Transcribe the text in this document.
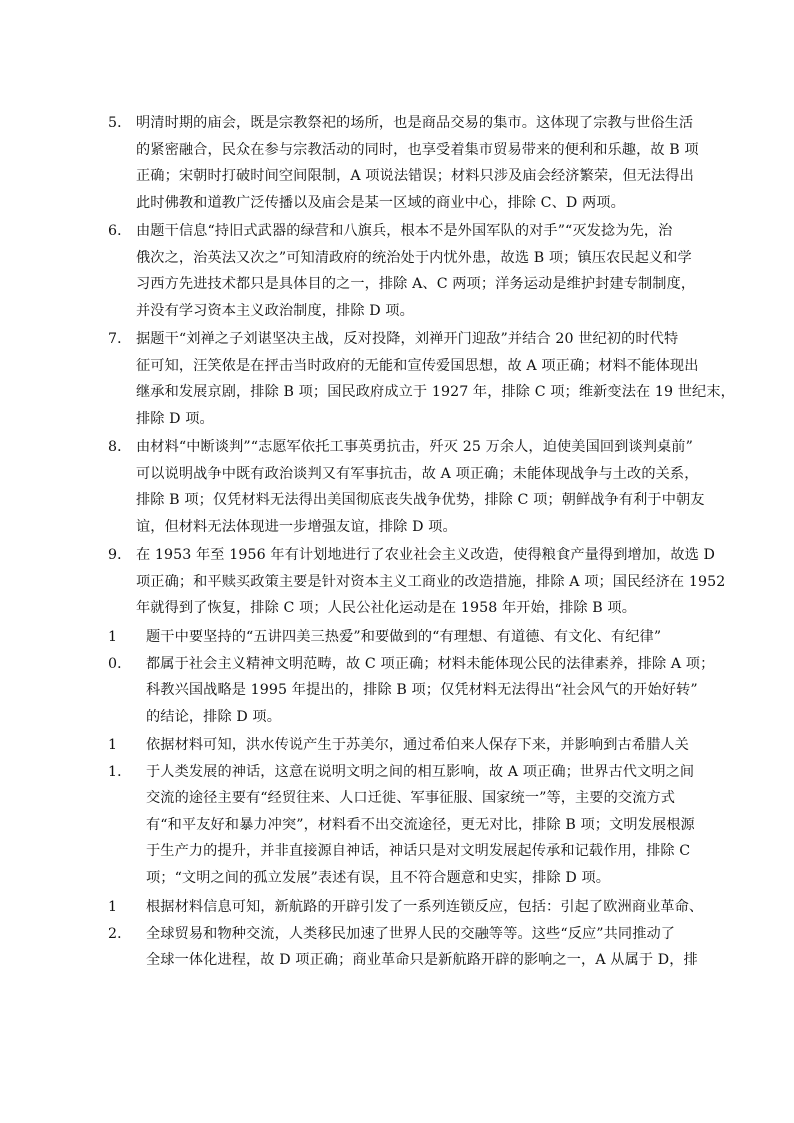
5． 明清时期的庙会，既是宗教祭祀的场所，也是商品交易的集市。这体现了宗教与世俗生活
的紧密融合，民众在参与宗教活动的同时，也享受着集市贸易带来的便利和乐趣，故 B 项
正确；宋朝时打破时间空间限制，A 项说法错误；材料只涉及庙会经济繁荣，但无法得出
此时佛教和道教广泛传播以及庙会是某一区域的商业中心，排除 C、D 两项。
6． 由题干信息“持旧式武器的绿营和八旗兵，根本不是外国军队的对手”“灭发捻为先，治
俄次之，治英法又次之”可知清政府的统治处于内忧外患，故选 B 项；镇压农民起义和学
习西方先进技术都只是具体目的之一，排除 A、C 两项；洋务运动是维护封建专制制度，
并没有学习资本主义政治制度，排除 D 项。
7． 据题干“刘禅之子刘谌坚决主战，反对投降，刘禅开门迎敌”并结合 20 世纪初的时代特
征可知，汪笑侬是在抨击当时政府的无能和宣传爱国思想，故 A 项正确；材料不能体现出
继承和发展京剧，排除 B 项；国民政府成立于 1927 年，排除 C 项；维新变法在 19 世纪末，
排除 D 项。
8． 由材料“中断谈判”“志愿军依托工事英勇抗击，歼灭 25 万余人，迫使美国回到谈判桌前”
可以说明战争中既有政治谈判又有军事抗击，故 A 项正确；未能体现战争与土改的关系，
排除 B 项；仅凭材料无法得出美国彻底丧失战争优势，排除 C 项；朝鲜战争有利于中朝友
谊，但材料无法体现进一步增强友谊，排除 D 项。
9． 在 1953 年至 1956 年有计划地进行了农业社会主义改造，使得粮食产量得到增加，故选 D
项正确；和平赎买政策主要是针对资本主义工商业的改造措施，排除 A 项；国民经济在 1952
年就得到了恢复，排除 C 项；人民公社化运动是在 1958 年开始，排除 B 项。
10．
题干中要坚持的“五讲四美三热爱”和要做到的“有理想、有道德、有文化、有纪律”
都属于社会主义精神文明范畴，故 C 项正确；材料未能体现公民的法律素养，排除 A 项；
科教兴国战略是 1995 年提出的，排除 B 项；仅凭材料无法得出“社会风气的开始好转”
的结论，排除 D 项。
11．
依据材料可知，洪水传说产生于苏美尔，通过希伯来人保存下来，并影响到古希腊人关
于人类发展的神话，这意在说明文明之间的相互影响，故 A 项正确；世界古代文明之间
交流的途径主要有“经贸往来、人口迁徙、军事征服、国家统一”等，主要的交流方式
有“和平友好和暴力冲突”，材料看不出交流途径，更无对比，排除 B 项；文明发展根源
于生产力的提升，并非直接源自神话，神话只是对文明发展起传承和记载作用，排除 C
项；“文明之间的孤立发展”表述有误，且不符合题意和史实，排除 D 项。
12．
根据材料信息可知，新航路的开辟引发了一系列连锁反应，包括：引起了欧洲商业革命、
全球贸易和物种交流，人类移民加速了世界人民的交融等等。这些“反应”共同推动了
全球一体化进程，故 D 项正确；商业革命只是新航路开辟的影响之一，A 从属于 D，排
